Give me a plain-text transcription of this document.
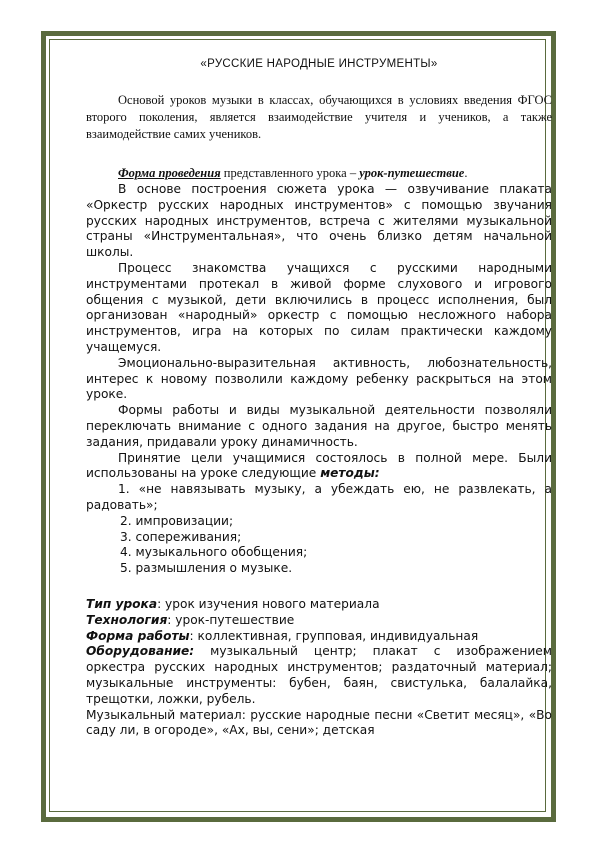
«РУССКИЕ НАРОДНЫЕ ИНСТРУМЕНТЫ»

Основой уроков музыки в классах, обучающихся в условиях введения ФГОС второго поколения, является взаимодействие учителя и учеников, а также взаимодействие самих учеников.

Форма проведения представленного урока – урок-путешествие.

В основе построения сюжета урока — озвучивание плаката «Оркестр русских народных инструментов» с помощью звучания русских народных инструментов, встреча с жителями музыкальной страны «Инструментальная», что очень близко детям начальной школы.

Процесс знакомства учащихся с русскими народными инструментами протекал в живой форме слухового и игрового общения с музыкой, дети включились в процесс исполнения, был организован «народный» оркестр с помощью несложного набора инструментов, игра на которых по силам практически каждому учащемуся.

Эмоционально-выразительная активность, любознательность, интерес к новому позволили каждому ребенку раскрыться на этом уроке.

Формы работы и виды музыкальной деятельности позволяли переключать внимание с одного задания на другое, быстро менять задания, придавали уроку динамичность.

Принятие цели учащимися состоялось в полной мере. Были использованы на уроке следующие методы:

1. «не навязывать музыку, а убеждать ею, не развлекать, а радовать»;
2. импровизации;
3. сопереживания;
4. музыкального обобщения;
5. размышления о музыке.

Тип урока: урок изучения нового материала

Технология: урок-путешествие

Форма работы: коллективная, групповая, индивидуальная

Оборудование: музыкальный центр; плакат с изображением оркестра русских народных инструментов; раздаточный материал; музыкальные инструменты: бубен, баян, свистулька, балалайка, трещотки, ложки, рубель.

Музыкальный материал: русские народные песни «Светит месяц», «Во саду ли, в огороде», «Ах, вы, сени»; детская
